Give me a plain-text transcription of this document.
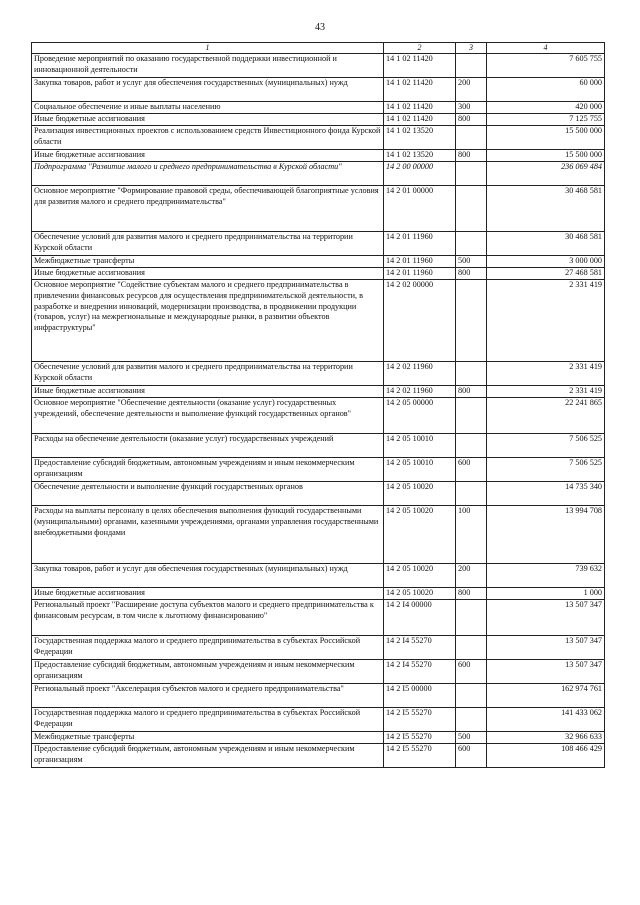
43
1	2	3	4
Проведение мероприятий по оказанию государственной поддержки инвестиционной и инновационной деятельности	14 1 02 11420		7 605 755
Закупка товаров, работ и услуг для обеспечения государственных (муниципальных) нужд	14 1 02 11420	200	60 000
Социальное обеспечение и иные выплаты населению	14 1 02 11420	300	420 000
Иные бюджетные ассигнования	14 1 02 11420	800	7 125 755
Реализация инвестиционных проектов с использованием средств Инвестиционного фонда Курской области	14 1 02 13520		15 500 000
Иные бюджетные ассигнования	14 1 02 13520	800	15 500 000
Подпрограмма "Развитие малого и среднего предпринимательства в Курской области"	14 2 00 00000		236 069 484
Основное мероприятие "Формирование правовой среды, обеспечивающей благоприятные условия для развития малого и среднего предпринимательства"	14 2 01 00000		30 468 581
Обеспечение условий для развития малого и среднего предпринимательства на территории Курской области	14 2 01 11960		30 468 581
Межбюджетные трансферты	14 2 01 11960	500	3 000 000
Иные бюджетные ассигнования	14 2 01 11960	800	27 468 581
Основное мероприятие "Содействие субъектам малого и среднего предпринимательства в привлечении финансовых ресурсов для осуществления предпринимательской деятельности, в разработке и внедрении инноваций, модернизации производства, в продвижении продукции (товаров, услуг) на межрегиональные и международные рынки, в развитии объектов инфраструктуры"	14 2 02 00000		2 331 419
Обеспечение условий для развития малого и среднего предпринимательства на территории Курской области	14 2 02 11960		2 331 419
Иные бюджетные ассигнования	14 2 02 11960	800	2 331 419
Основное мероприятие "Обеспечение деятельности (оказание услуг) государственных учреждений, обеспечение деятельности и выполнение функций государственных органов"	14 2 05 00000		22 241 865
Расходы на обеспечение деятельности (оказание услуг) государственных учреждений	14 2 05 10010		7 506 525
Предоставление субсидий бюджетным, автономным учреждениям и иным некоммерческим организациям	14 2 05 10010	600	7 506 525
Обеспечение деятельности и выполнение функций государственных органов	14 2 05 10020		14 735 340
Расходы на выплаты персоналу в целях обеспечения выполнения функций государственными (муниципальными) органами, казенными учреждениями, органами управления государственными внебюджетными фондами	14 2 05 10020	100	13 994 708
Закупка товаров, работ и услуг для обеспечения государственных (муниципальных) нужд	14 2 05 10020	200	739 632
Иные бюджетные ассигнования	14 2 05 10020	800	1 000
Региональный проект "Расширение доступа субъектов малого и среднего предпринимательства к финансовым ресурсам, в том числе к льготному финансированию"	14 2 I4 00000		13 507 347
Государственная поддержка малого и среднего предпринимательства в субъектах Российской Федерации	14 2 I4 55270		13 507 347
Предоставление субсидий бюджетным, автономным учреждениям и иным некоммерческим организациям	14 2 I4 55270	600	13 507 347
Региональный проект "Акселерация субъектов малого и среднего предпринимательства"	14 2 I5 00000		162 974 761
Государственная поддержка малого и среднего предпринимательства в субъектах Российской Федерации	14 2 I5 55270		141 433 062
Межбюджетные трансферты	14 2 I5 55270	500	32 966 633
Предоставление субсидий бюджетным, автономным учреждениям и иным некоммерческим организациям	14 2 I5 55270	600	108 466 429
